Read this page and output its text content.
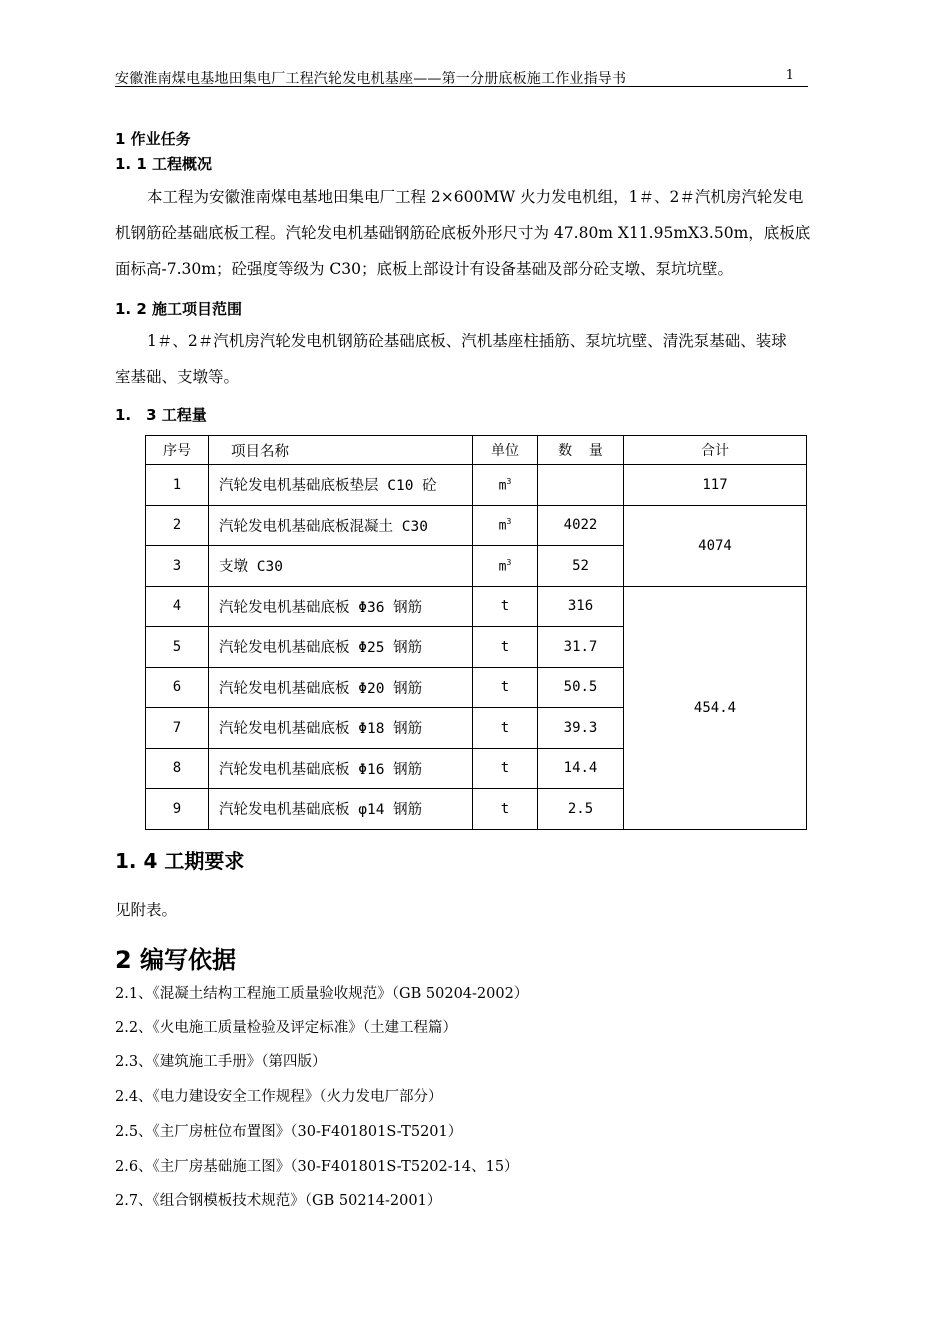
安徽淮南煤电基地田集电厂工程汽轮发电机基座——第一分册底板施工作业指导书	1
1 作业任务
1. 1 工程概况
本工程为安徽淮南煤电基地田集电厂工程 2×600MW 火力发电机组，1＃、2＃汽机房汽轮发电
机钢筋砼基础底板工程。汽轮发电机基础钢筋砼底板外形尺寸为 47.80m X11.95mX3.50m，底板底
面标高-7.30m；砼强度等级为 C30；底板上部设计有设备基础及部分砼支墩、泵坑坑壁。
1. 2 施工项目范围
1＃、2＃汽机房汽轮发电机钢筋砼基础底板、汽机基座柱插筋、泵坑坑壁、清洗泵基础、装球
室基础、支墩等。
1.　3 工程量
序号	项目名称	单位	数  量	合计
1	汽轮发电机基础底板垫层 C10 砼	$m^3$		117
2	汽轮发电机基础底板混凝土 C30	$m^3$	4022	4074
3	支墩 C30	$m^3$	52	
4	汽轮发电机基础底板 Φ36 钢筋	t	316	454.4
5	汽轮发电机基础底板 Φ25 钢筋	t	31.7	
6	汽轮发电机基础底板 Φ20 钢筋	t	50.5	
7	汽轮发电机基础底板 Φ18 钢筋	t	39.3	
8	汽轮发电机基础底板 Φ16 钢筋	t	14.4	
9	汽轮发电机基础底板 φ14 钢筋	t	2.5	
1. 4 工期要求
见附表。
2 编写依据
2.1、《混凝土结构工程施工质量验收规范》（GB 50204-2002）
2.2、《火电施工质量检验及评定标准》（土建工程篇）
2.3、《建筑施工手册》（第四版）
2.4、《电力建设安全工作规程》（火力发电厂部分）
2.5、《主厂房桩位布置图》（30-F401801S-T5201）
2.6、《主厂房基础施工图》（30-F401801S-T5202-14、15）
2.7、《组合钢模板技术规范》（GB 50214-2001）
